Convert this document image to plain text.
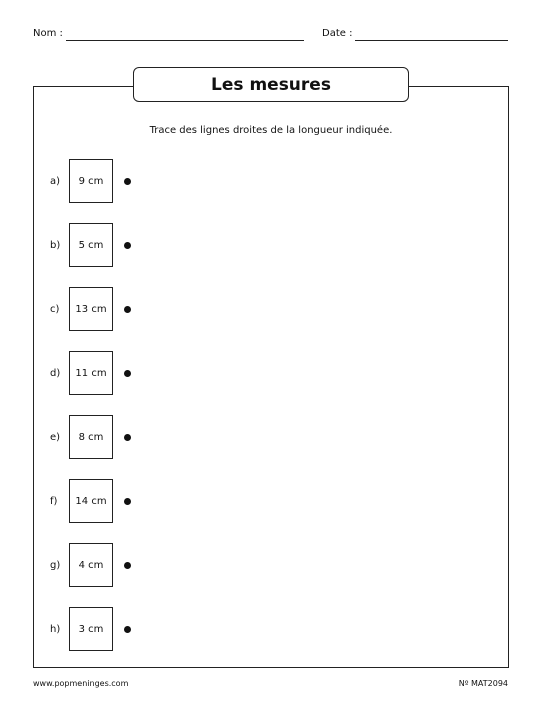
Nom :	Date :
Les mesures
Trace des lignes droites de la longueur indiquée.
a)	9 cm
b)	5 cm
c)	13 cm
d)	11 cm
e)	8 cm
f)	14 cm
g)	4 cm
h)	3 cm
www.popmeninges.com	Nº MAT2094
